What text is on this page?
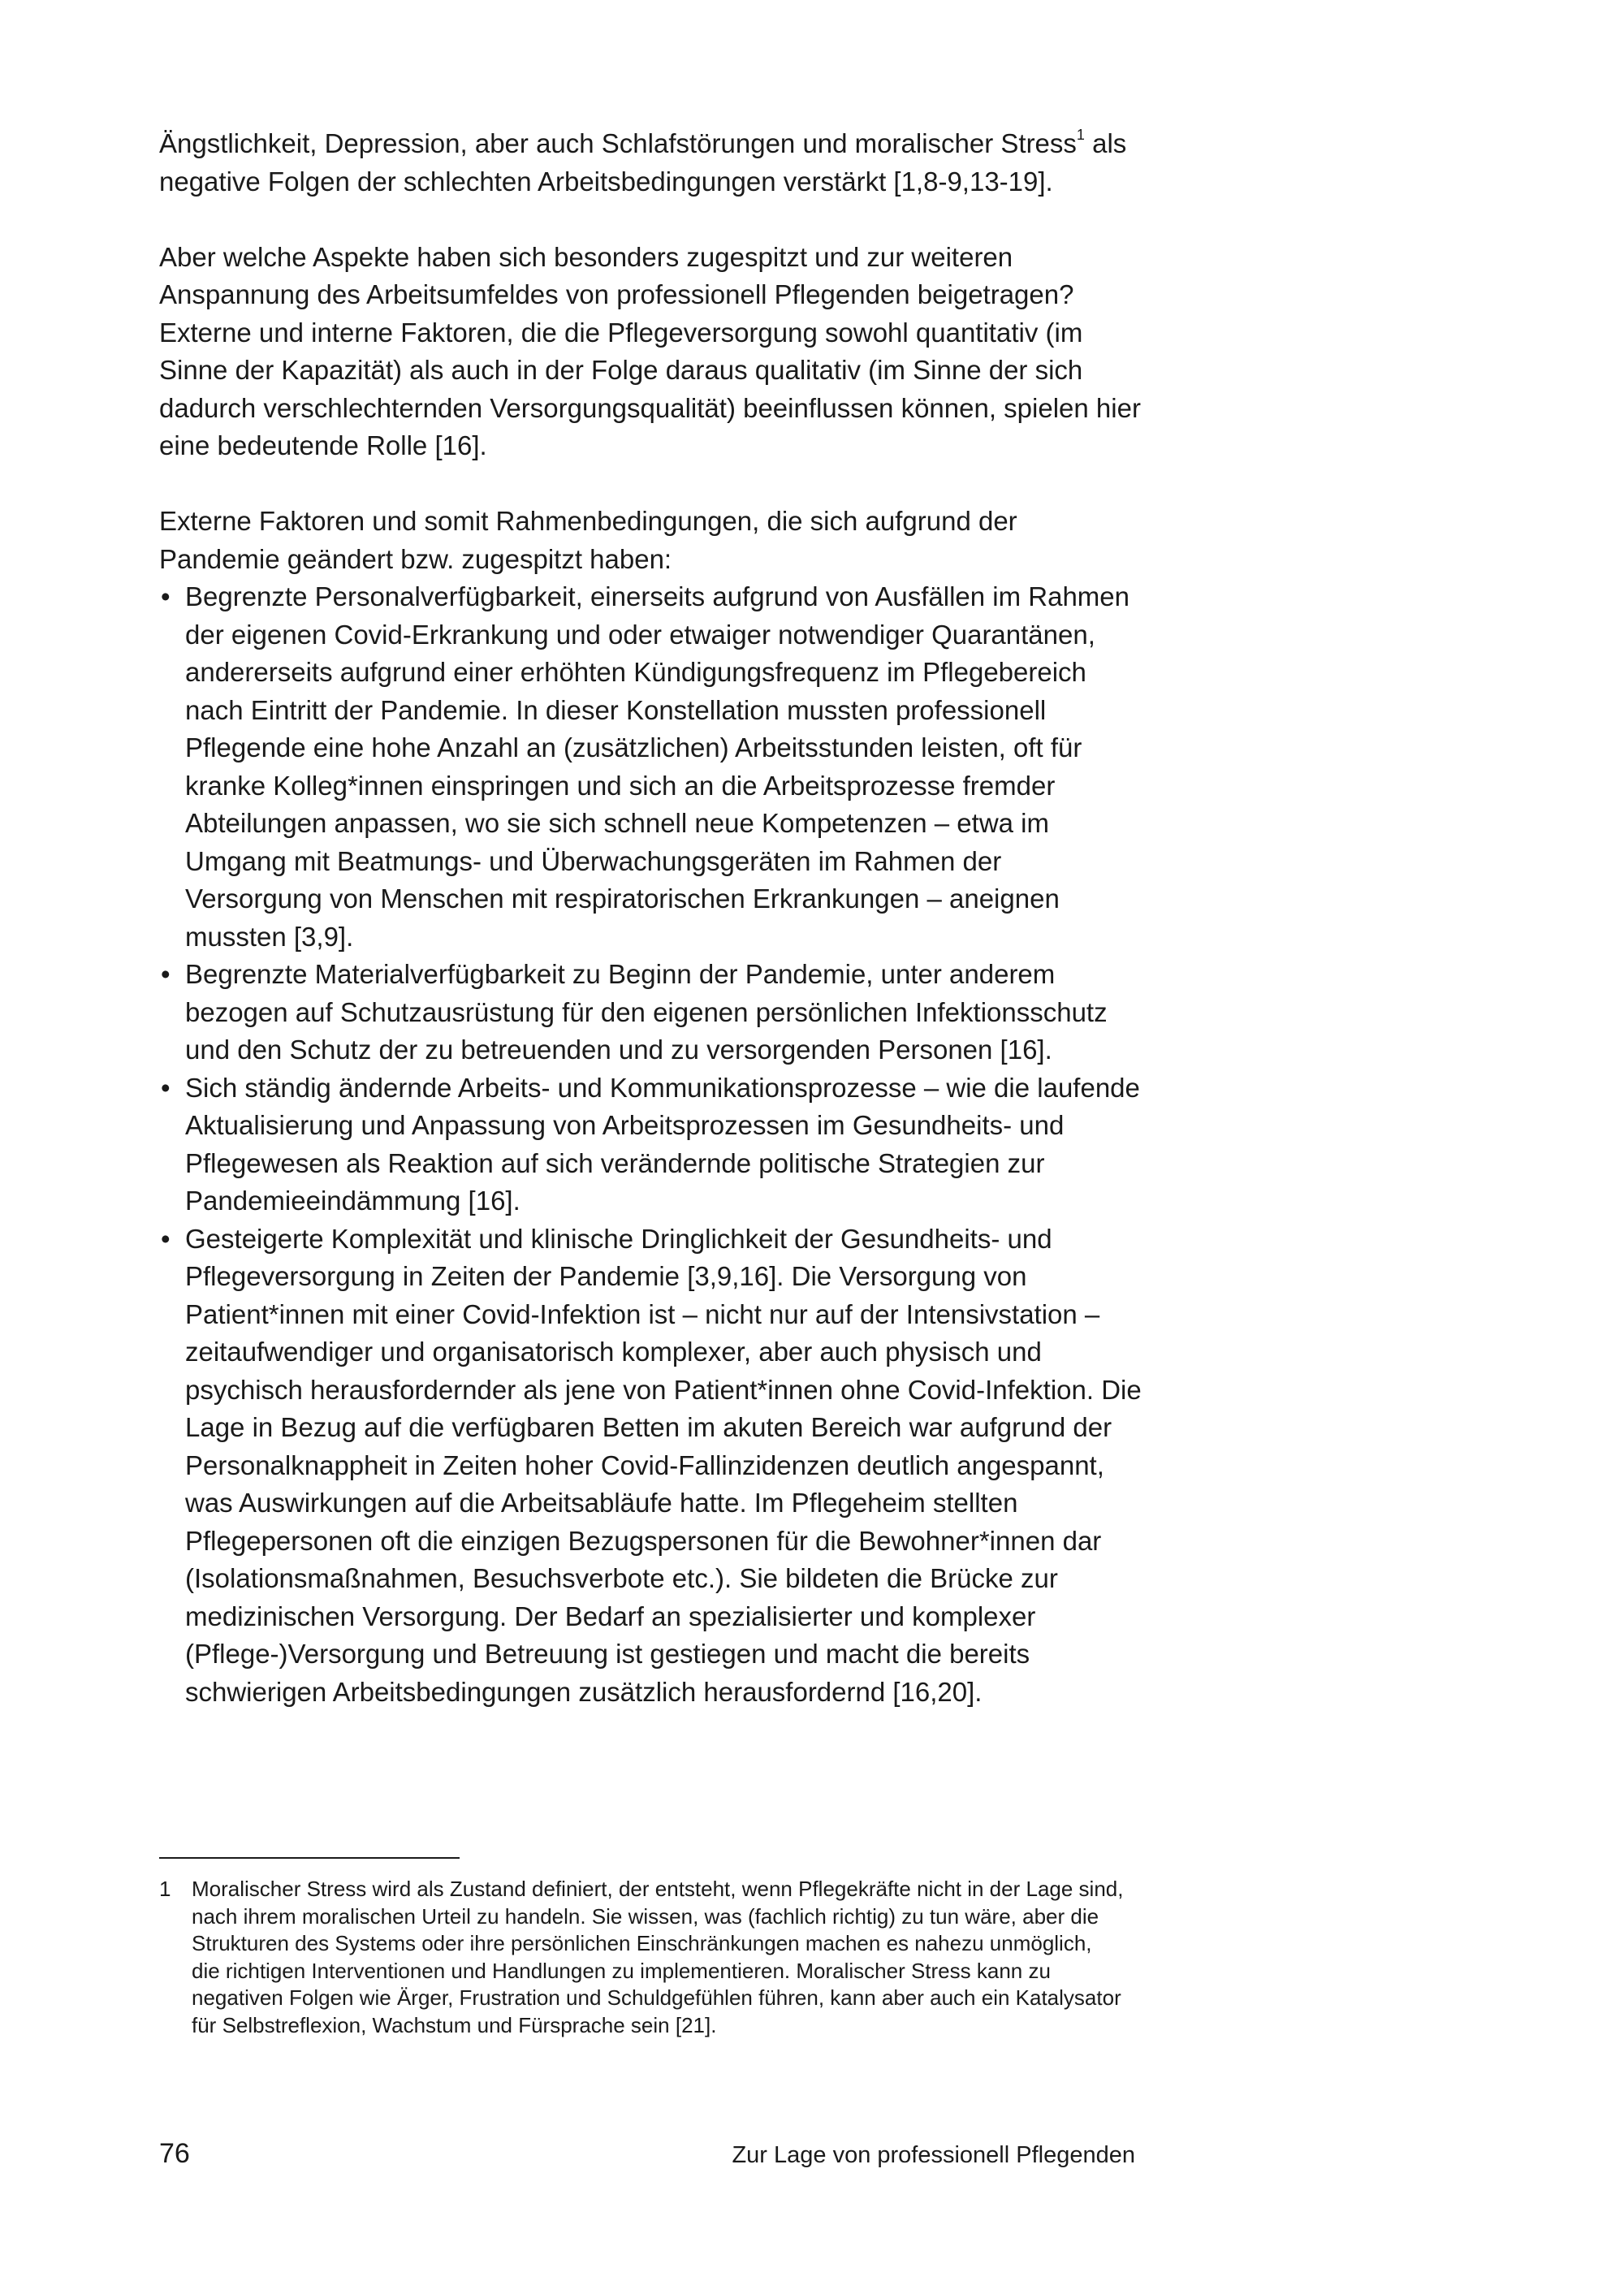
Ängstlichkeit, Depression, aber auch Schlafstörungen und moralischer Stress$^1$ als negative Folgen der schlechten Arbeitsbedingungen verstärkt [1,8-9,13-19].

Aber welche Aspekte haben sich besonders zugespitzt und zur weiteren Anspannung des Arbeitsumfeldes von professionell Pflegenden beigetragen? Externe und interne Faktoren, die die Pflegeversorgung sowohl quantitativ (im Sinne der Kapazität) als auch in der Folge daraus qualitativ (im Sinne der sich dadurch verschlechternden Versorgungsqualität) beeinflussen können, spielen hier eine bedeutende Rolle [16].

Externe Faktoren und somit Rahmenbedingungen, die sich aufgrund der Pandemie geändert bzw. zugespitzt haben:

• Begrenzte Personalverfügbarkeit, einerseits aufgrund von Ausfällen im Rahmen der eigenen Covid-Erkrankung und oder etwaiger notwendiger Quarantänen, andererseits aufgrund einer erhöhten Kündigungsfrequenz im Pflegebereich nach Eintritt der Pandemie. In dieser Konstellation mussten professionell Pflegende eine hohe Anzahl an (zusätzlichen) Arbeitsstunden leisten, oft für kranke Kolleg*innen einspringen und sich an die Arbeitsprozesse fremder Abteilungen anpassen, wo sie sich schnell neue Kompetenzen – etwa im Umgang mit Beatmungs- und Überwachungsgeräten im Rahmen der Versorgung von Menschen mit respiratorischen Erkrankungen – aneignen mussten [3,9].
• Begrenzte Materialverfügbarkeit zu Beginn der Pandemie, unter anderem bezogen auf Schutzausrüstung für den eigenen persönlichen Infektionsschutz und den Schutz der zu betreuenden und zu versorgenden Personen [16].
• Sich ständig ändernde Arbeits- und Kommunikationsprozesse – wie die laufende Aktualisierung und Anpassung von Arbeitsprozessen im Gesundheits- und Pflegewesen als Reaktion auf sich verändernde politische Strategien zur Pandemieeindämmung [16].
• Gesteigerte Komplexität und klinische Dringlichkeit der Gesundheits- und Pflegeversorgung in Zeiten der Pandemie [3,9,16]. Die Versorgung von Patient*innen mit einer Covid-Infektion ist – nicht nur auf der Intensivstation – zeitaufwendiger und organisatorisch komplexer, aber auch physisch und psychisch herausfordernder als jene von Patient*innen ohne Covid-Infektion. Die Lage in Bezug auf die verfügbaren Betten im akuten Bereich war aufgrund der Personalknappheit in Zeiten hoher Covid-Fallinzidenzen deutlich angespannt, was Auswirkungen auf die Arbeitsabläufe hatte. Im Pflegeheim stellten Pflegepersonen oft die einzigen Bezugspersonen für die Bewohner*innen dar (Isolationsmaßnahmen, Besuchsverbote etc.). Sie bildeten die Brücke zur medizinischen Versorgung. Der Bedarf an spezialisierter und komplexer (Pflege-)Versorgung und Betreuung ist gestiegen und macht die bereits schwierigen Arbeitsbedingungen zusätzlich herausfordernd [16,20].
1 Moralischer Stress wird als Zustand definiert, der entsteht, wenn Pflegekräfte nicht in der Lage sind, nach ihrem moralischen Urteil zu handeln. Sie wissen, was (fachlich richtig) zu tun wäre, aber die Strukturen des Systems oder ihre persönlichen Einschränkungen machen es nahezu unmöglich, die richtigen Interventionen und Handlungen zu implementieren. Moralischer Stress kann zu negativen Folgen wie Ärger, Frustration und Schuldgefühlen führen, kann aber auch ein Katalysator für Selbstreflexion, Wachstum und Fürsprache sein [21].
76	Zur Lage von professionell Pflegenden
